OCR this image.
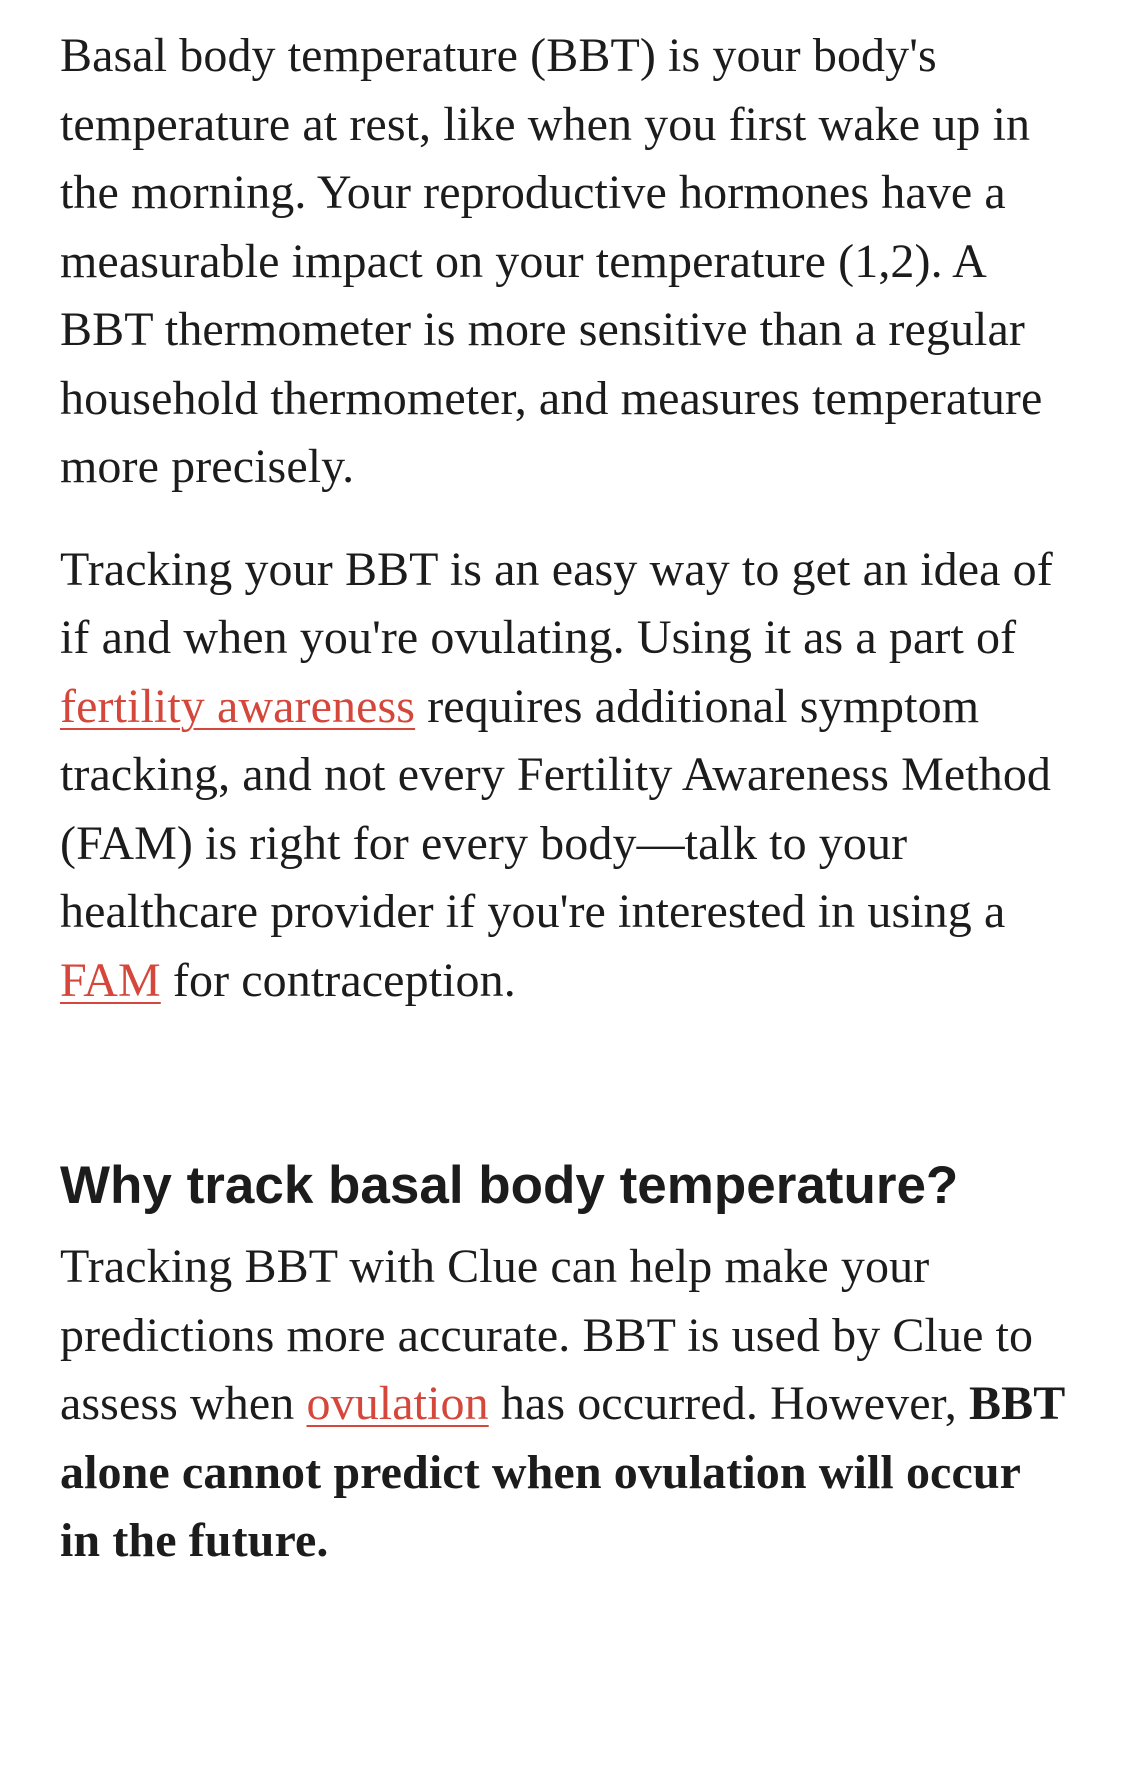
Basal body temperature (BBT) is your body's temperature at rest, like when you first wake up in the morning. Your reproductive hormones have a measurable impact on your temperature (1,2). A BBT thermometer is more sensitive than a regular household thermometer, and measures temperature more precisely.

Tracking your BBT is an easy way to get an idea of if and when you're ovulating. Using it as a part of fertility awareness requires additional symptom tracking, and not every Fertility Awareness Method (FAM) is right for every body—talk to your healthcare provider if you're interested in using a FAM for contraception.

Why track basal body temperature?

Tracking BBT with Clue can help make your predictions more accurate. BBT is used by Clue to assess when ovulation has occurred. However, BBT alone cannot predict when ovulation will occur in the future.
